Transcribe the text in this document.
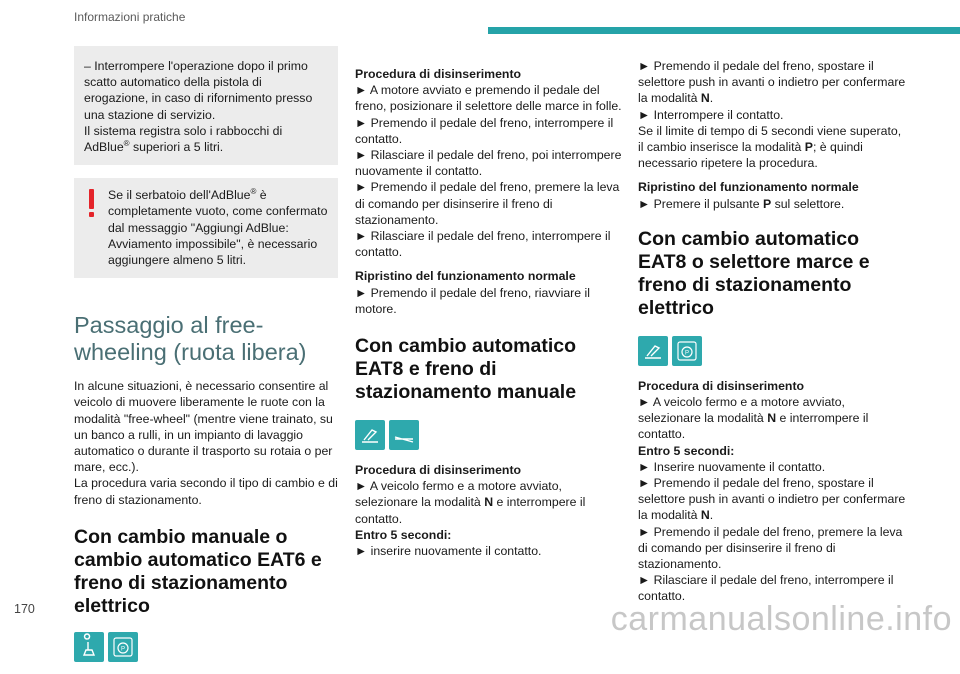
Informazioni pratiche

– Interrompere l'operazione dopo il primo scatto automatico della pistola di erogazione, in caso di rifornimento presso una stazione di servizio.

Il sistema registra solo i rabbocchi di AdBlue® superiori a 5 litri.

Se il serbatoio dell'AdBlue® è completamente vuoto, come confermato dal messaggio "Aggiungi AdBlue: Avviamento impossibile", è necessario aggiungere almeno 5 litri.

Passaggio al free-wheeling (ruota libera)

In alcune situazioni, è necessario consentire al veicolo di muovere liberamente le ruote con la modalità "free-wheel" (mentre viene trainato, su un banco a rulli, in un impianto di lavaggio automatico o durante il trasporto su rotaia o per mare, ecc.).

La procedura varia secondo il tipo di cambio e di freno di stazionamento.

Con cambio manuale o cambio automatico EAT6 e freno di stazionamento elettrico
P

Procedura di disinserimento

► A motore avviato e premendo il pedale del freno, posizionare il selettore delle marce in folle.

► Premendo il pedale del freno, interrompere il contatto.

► Rilasciare il pedale del freno, poi interrompere nuovamente il contatto.

► Premendo il pedale del freno, premere la leva di comando per disinserire il freno di stazionamento.

► Rilasciare il pedale del freno, interrompere il contatto.

Ripristino del funzionamento normale

► Premendo il pedale del freno, riavviare il motore.

Con cambio automatico EAT8 e freno di stazionamento manuale

Procedura di disinserimento

► A veicolo fermo e a motore avviato, selezionare la modalità N e interrompere il contatto.

Entro 5 secondi:

► inserire nuovamente il contatto.

► Premendo il pedale del freno, spostare il selettore push in avanti o indietro per confermare la modalità N.

► Interrompere il contatto.

Se il limite di tempo di 5 secondi viene superato, il cambio inserisce la modalità P; è quindi necessario ripetere la procedura.

Ripristino del funzionamento normale

► Premere il pulsante P sul selettore.

Con cambio automatico EAT8 o selettore marce e freno di stazionamento elettrico
P

Procedura di disinserimento

► A veicolo fermo e a motore avviato, selezionare la modalità N e interrompere il contatto.

Entro 5 secondi:

► Inserire nuovamente il contatto.

► Premendo il pedale del freno, spostare il selettore push in avanti o indietro per confermare la modalità N.

► Premendo il pedale del freno, premere la leva di comando per disinserire il freno di stazionamento.

► Rilasciare il pedale del freno, interrompere il contatto.

170	carmanualsonline.info
